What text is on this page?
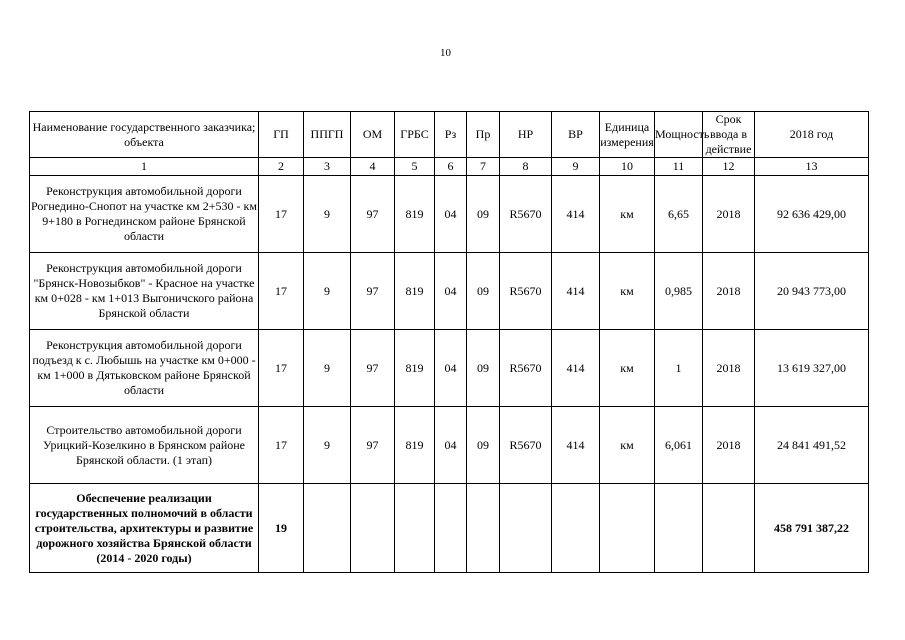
10
Наименование государственного заказчика; объекта	ГП	ППГП	ОМ	ГРБС	Рз	Пр	НР	ВР	Единица измерения	Мощность	Срок ввода в действие	2018 год
1	2	3	4	5	6	7	8	9	10	11	12	13
Реконструкция автомобильной дороги Рогнедино-Снопот на участке км 2+530 - км 9+180 в Рогнединском районе Брянской области	17	9	97	819	04	09	R5670	414	км	6,65	2018	92 636 429,00
Реконструкция автомобильной дороги "Брянск-Новозыбков" - Красное на участке км 0+028 - км 1+013 Выгоничского района Брянской области	17	9	97	819	04	09	R5670	414	км	0,985	2018	20 943 773,00
Реконструкция автомобильной дороги подъезд к с. Любышь на участке км 0+000 - км 1+000 в Дятьковском районе Брянской области	17	9	97	819	04	09	R5670	414	км	1	2018	13 619 327,00
Строительство автомобильной дороги Урицкий-Козелкино в Брянском районе Брянской области. (1 этап)	17	9	97	819	04	09	R5670	414	км	6,061	2018	24 841 491,52
Обеспечение реализации государственных полномочий в области строительства, архитектуры и развитие дорожного хозяйства Брянской области (2014 - 2020 годы)	19											458 791 387,22
